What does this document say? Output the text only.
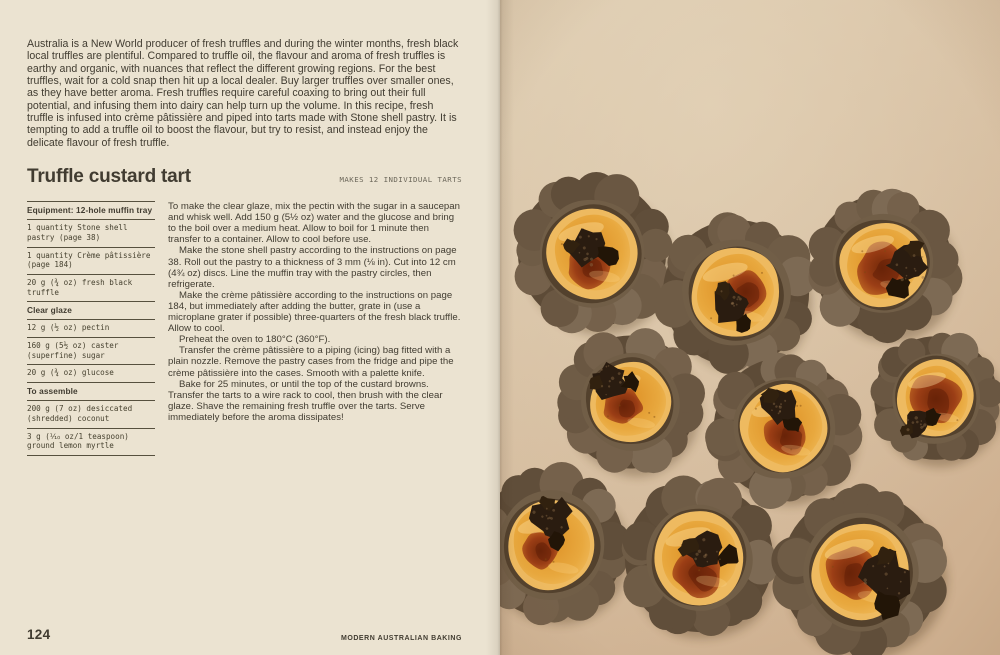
Australia is a New World producer of fresh truffles and during the winter months, fresh black local truffles are plentiful. Compared to truffle oil, the flavour and aroma of fresh truffles is earthy and organic, with nuances that reflect the different growing regions. For the best truffles, wait for a cold snap then hit up a local dealer. Buy larger truffles over smaller ones, as they have better aroma. Fresh truffles require careful coaxing to bring out their full potential, and infusing them into dairy can help turn up the volume. In this recipe, fresh truffle is infused into crème pâtissière and piped into tarts made with Stone shell pastry. It is tempting to add a truffle oil to boost the flavour, but try to resist, and instead enjoy the delicate flavour of fresh truffle.

Truffle custard tart	MAKES 12 INDIVIDUAL TARTS
Equipment: 12-hole muffin tray
1 quantity Stone shell pastry (page 38)
1 quantity Crème pâtissière (page 184)
20 g (¾ oz) fresh black truffle
Clear glaze
12 g (½ oz) pectin
160 g (5½ oz) caster (superfine) sugar
20 g (¾ oz) glucose
To assemble
200 g (7 oz) desiccated (shredded) coconut
3 g (⅒ oz/1 teaspoon) ground lemon myrtle

To make the clear glaze, mix the pectin with the sugar in a saucepan and whisk well. Add 150 g (5½ oz) water and the glucose and bring to the boil over a medium heat. Allow to boil for 1 minute then transfer to a container. Allow to cool before use.

Make the stone shell pastry according to the instructions on page 38. Roll out the pastry to a thickness of 3 mm (⅛ in). Cut into 12 cm (4¾ oz) discs. Line the muffin tray with the pastry circles, then refrigerate.

Make the crème pâtissière according to the instructions on page 184, but immediately after adding the butter, grate in (use a microplane grater if possible) three-quarters of the fresh black truffle. Allow to cool.

Preheat the oven to 180°C (360°F).

Transfer the crème pâtissière to a piping (icing) bag fitted with a plain nozzle. Remove the pastry cases from the fridge and pipe the crème pâtissière into the cases. Smooth with a palette knife.

Bake for 25 minutes, or until the top of the custard browns. Transfer the tarts to a wire rack to cool, then brush with the clear glaze. Shave the remaining fresh truffle over the tarts. Serve immediately before the aroma dissipates!

124	MODERN AUSTRALIAN BAKING
